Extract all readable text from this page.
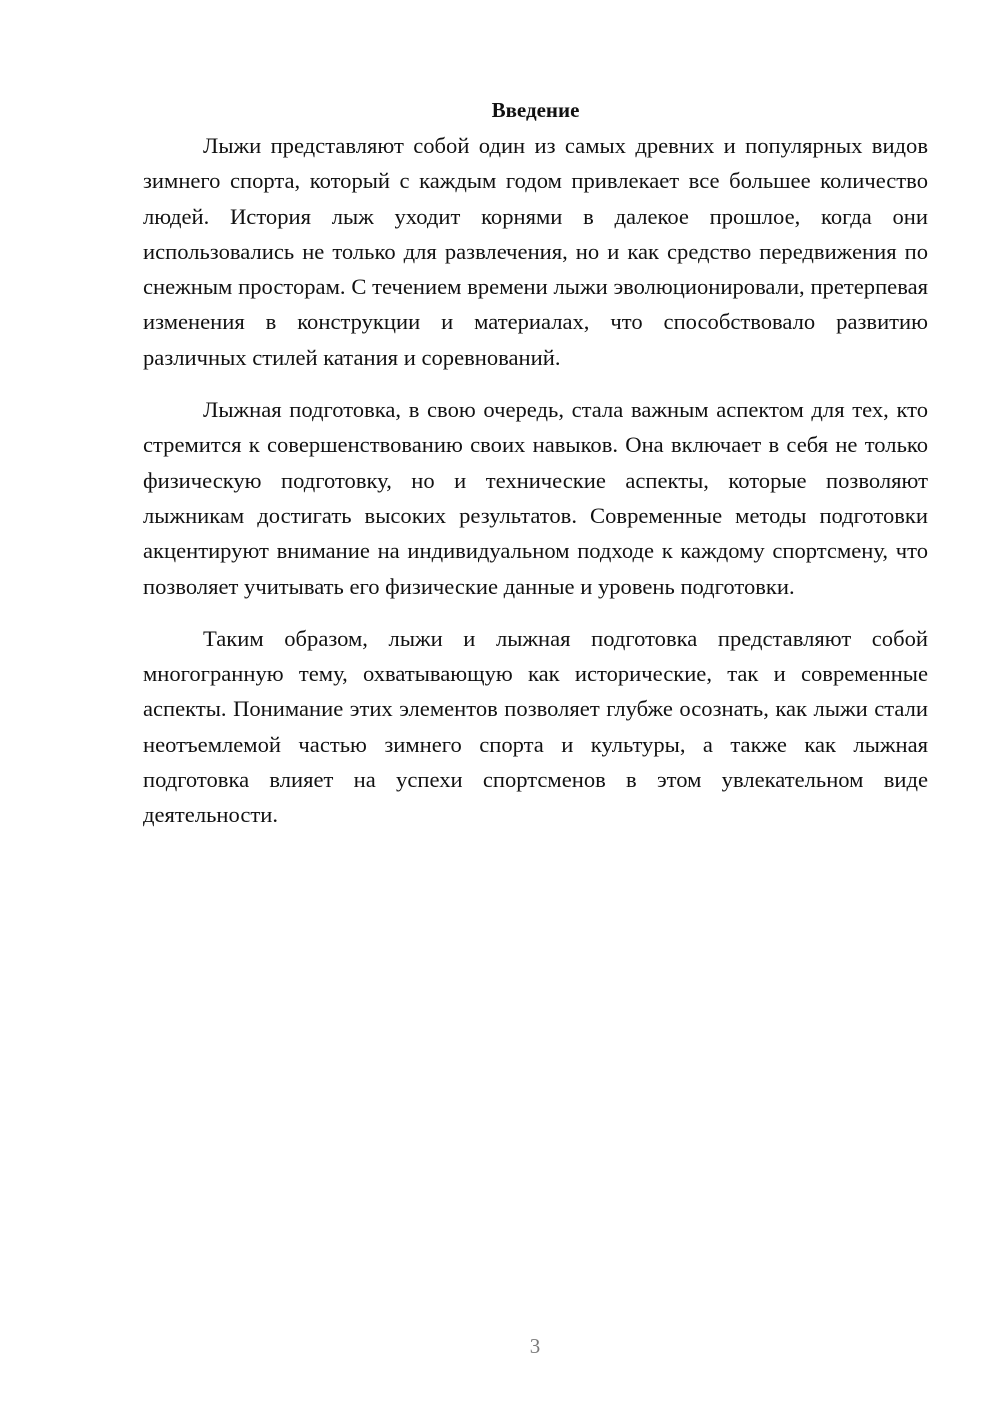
Введение

Лыжи представляют собой один из самых древних и популярных видов зимнего спорта, который с каждым годом привлекает все большее количество людей. История лыж уходит корнями в далекое прошлое, когда они использовались не только для развлечения, но и как средство передвижения по снежным просторам. С течением времени лыжи эволюционировали, претерпевая изменения в конструкции и материалах, что способствовало развитию различных стилей катания и соревнований.

Лыжная подготовка, в свою очередь, стала важным аспектом для тех, кто стремится к совершенствованию своих навыков. Она включает в себя не только физическую подготовку, но и технические аспекты, которые позволяют лыжникам достигать высоких результатов. Современные методы подготовки акцентируют внимание на индивидуальном подходе к каждому спортсмену, что позволяет учитывать его физические данные и уровень подготовки.

Таким образом, лыжи и лыжная подготовка представляют собой многогранную тему, охватывающую как исторические, так и современные аспекты. Понимание этих элементов позволяет глубже осознать, как лыжи стали неотъемлемой частью зимнего спорта и культуры, а также как лыжная подготовка влияет на успехи спортсменов в этом увлекательном виде деятельности.

3
